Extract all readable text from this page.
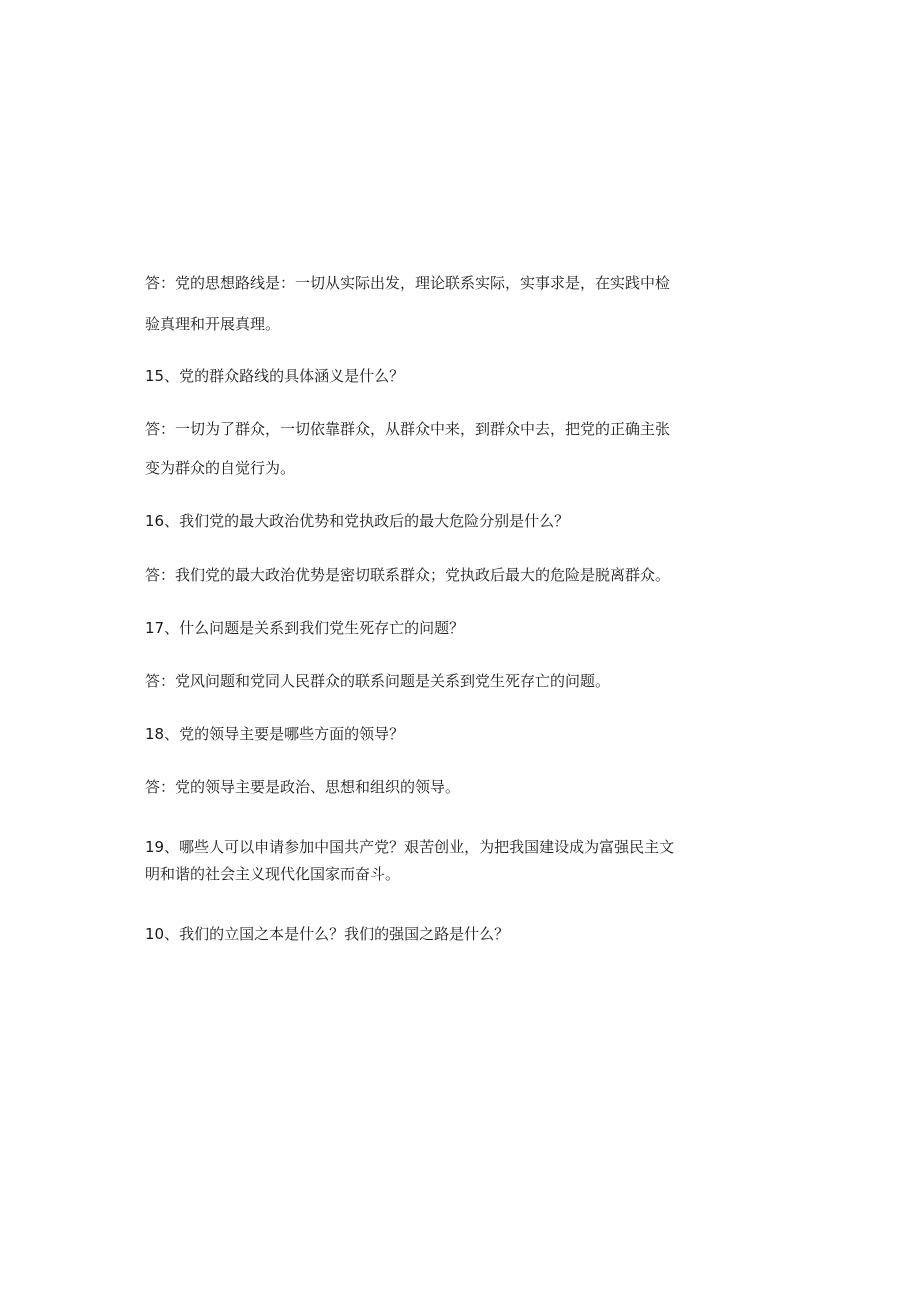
答：党的思想路线是：一切从实际出发，理论联系实际，实事求是，在实践中检
验真理和开展真理。
15、党的群众路线的具体涵义是什么？
答：一切为了群众，一切依靠群众，从群众中来，到群众中去，把党的正确主张
变为群众的自觉行为。
16、我们党的最大政治优势和党执政后的最大危险分别是什么？
答：我们党的最大政治优势是密切联系群众；党执政后最大的危险是脱离群众。
17、什么问题是关系到我们党生死存亡的问题？
答：党风问题和党同人民群众的联系问题是关系到党生死存亡的问题。
18、党的领导主要是哪些方面的领导？
答：党的领导主要是政治、思想和组织的领导。
19、哪些人可以申请参加中国共产党？艰苦创业，为把我国建设成为富强民主文
明和谐的社会主义现代化国家而奋斗。
10、我们的立国之本是什么？我们的强国之路是什么？
